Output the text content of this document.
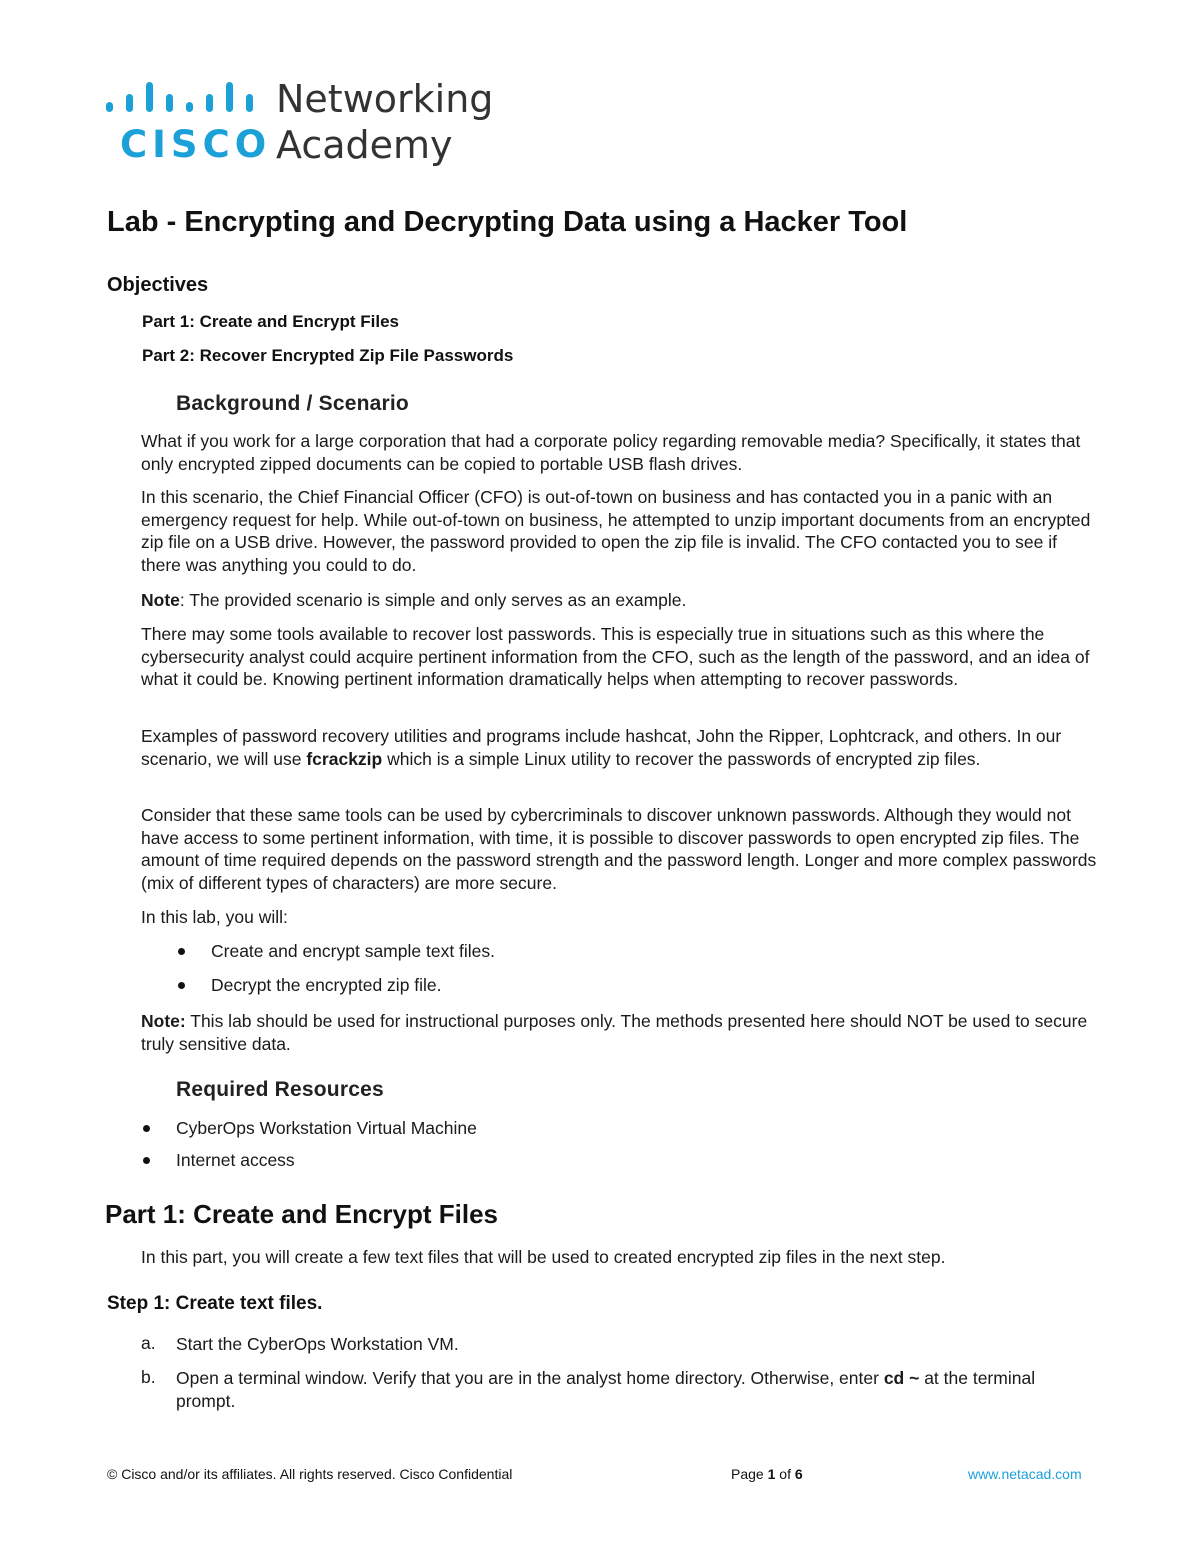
CISCO
Networking
Academy
Lab - Encrypting and Decrypting Data using a Hacker Tool
Objectives

Part 1: Create and Encrypt Files

Part 2: Recover Encrypted Zip File Passwords

Background / Scenario

What if you work for a large corporation that had a corporate policy regarding removable media? Specifically, it states that only encrypted zipped documents can be copied to portable USB flash drives.

In this scenario, the Chief Financial Officer (CFO) is out-of-town on business and has contacted you in a panic with an emergency request for help. While out-of-town on business, he attempted to unzip important documents from an encrypted zip file on a USB drive. However, the password provided to open the zip file is invalid. The CFO contacted you to see if there was anything you could to do.

Note: The provided scenario is simple and only serves as an example.

There may some tools available to recover lost passwords. This is especially true in situations such as this where the cybersecurity analyst could acquire pertinent information from the CFO, such as the length of the password, and an idea of what it could be. Knowing pertinent information dramatically helps when attempting to recover passwords.

Examples of password recovery utilities and programs include hashcat, John the Ripper, Lophtcrack, and others. In our scenario, we will use fcrackzip which is a simple Linux utility to recover the passwords of encrypted zip files.

Consider that these same tools can be used by cybercriminals to discover unknown passwords. Although they would not have access to some pertinent information, with time, it is possible to discover passwords to open encrypted zip files. The amount of time required depends on the password strength and the password length. Longer and more complex passwords (mix of different types of characters) are more secure.

In this lab, you will:

Create and encrypt sample text files.

Decrypt the encrypted zip file.

Note: This lab should be used for instructional purposes only. The methods presented here should NOT be used to secure truly sensitive data.

Required Resources

CyberOps Workstation Virtual Machine

Internet access

Part 1: Create and Encrypt Files

In this part, you will create a few text files that will be used to created encrypted zip files in the next step.

Step 1: Create text files.

a. Start the CyberOps Workstation VM.

b. Open a terminal window. Verify that you are in the analyst home directory. Otherwise, enter cd ~ at the terminal prompt.

© Cisco and/or its affiliates. All rights reserved. Cisco Confidential	Page 1 of 6	www.netacad.com
